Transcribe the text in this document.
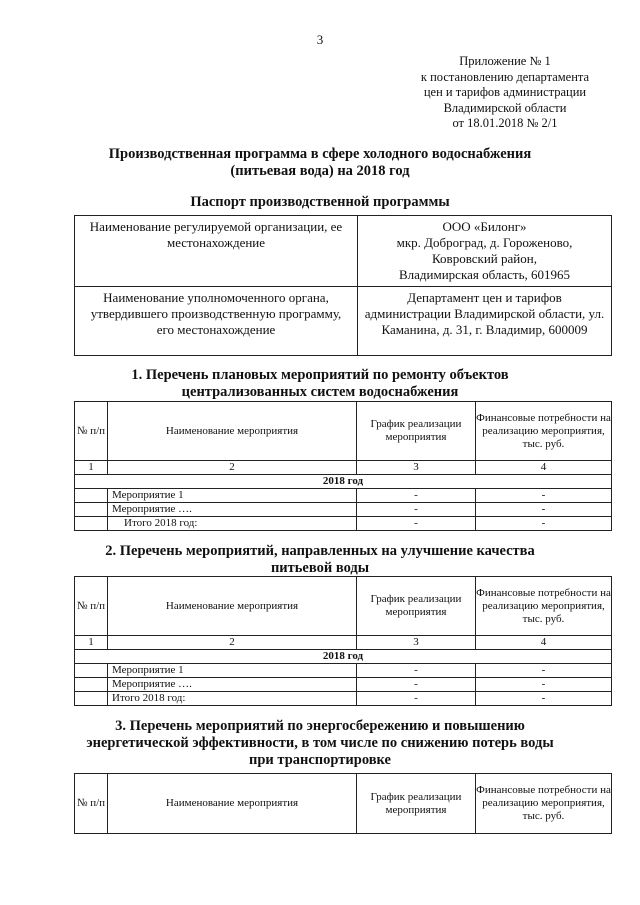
3
Приложение № 1
к постановлению департамента
цен и тарифов администрации
Владимирской области
от 18.01.2018 № 2/1
Производственная программа в сфере холодного водоснабжения
(питьевая вода) на 2018 год
Паспорт производственной программы
Наименование регулируемой организации, ее местонахождение	ООО «Билонг»
мкр. Доброград, д. Гороженово,
Ковровский район,
Владимирская область, 601965

Наименование уполномоченного органа, утвердившего производственную программу, его местонахождение	Департамент цен и тарифов администрации Владимирской области, ул. Каманина, д. 31, г. Владимир, 600009
1. Перечень плановых мероприятий по ремонту объектов
централизованных систем водоснабжения
№ п/п	Наименование мероприятия	График реализации мероприятия	Финансовые потребности на реализацию мероприятия, тыс. руб.
1	2	3	4
2018 год			
	Мероприятие 1	-	-
	Мероприятие ….	-	-
	Итого 2018 год:	-	-
2. Перечень мероприятий, направленных на улучшение качества
питьевой воды
№ п/п	Наименование мероприятия	График реализации мероприятия	Финансовые потребности на реализацию мероприятия, тыс. руб.
1	2	3	4
2018 год			
	Мероприятие 1	-	-
	Мероприятие ….	-	-
	Итого 2018 год:	-	-
3. Перечень мероприятий по энергосбережению и повышению
энергетической эффективности, в том числе по снижению потерь воды
при транспортировке
№ п/п	Наименование мероприятия	График реализации мероприятия	Финансовые потребности на реализацию мероприятия, тыс. руб.
